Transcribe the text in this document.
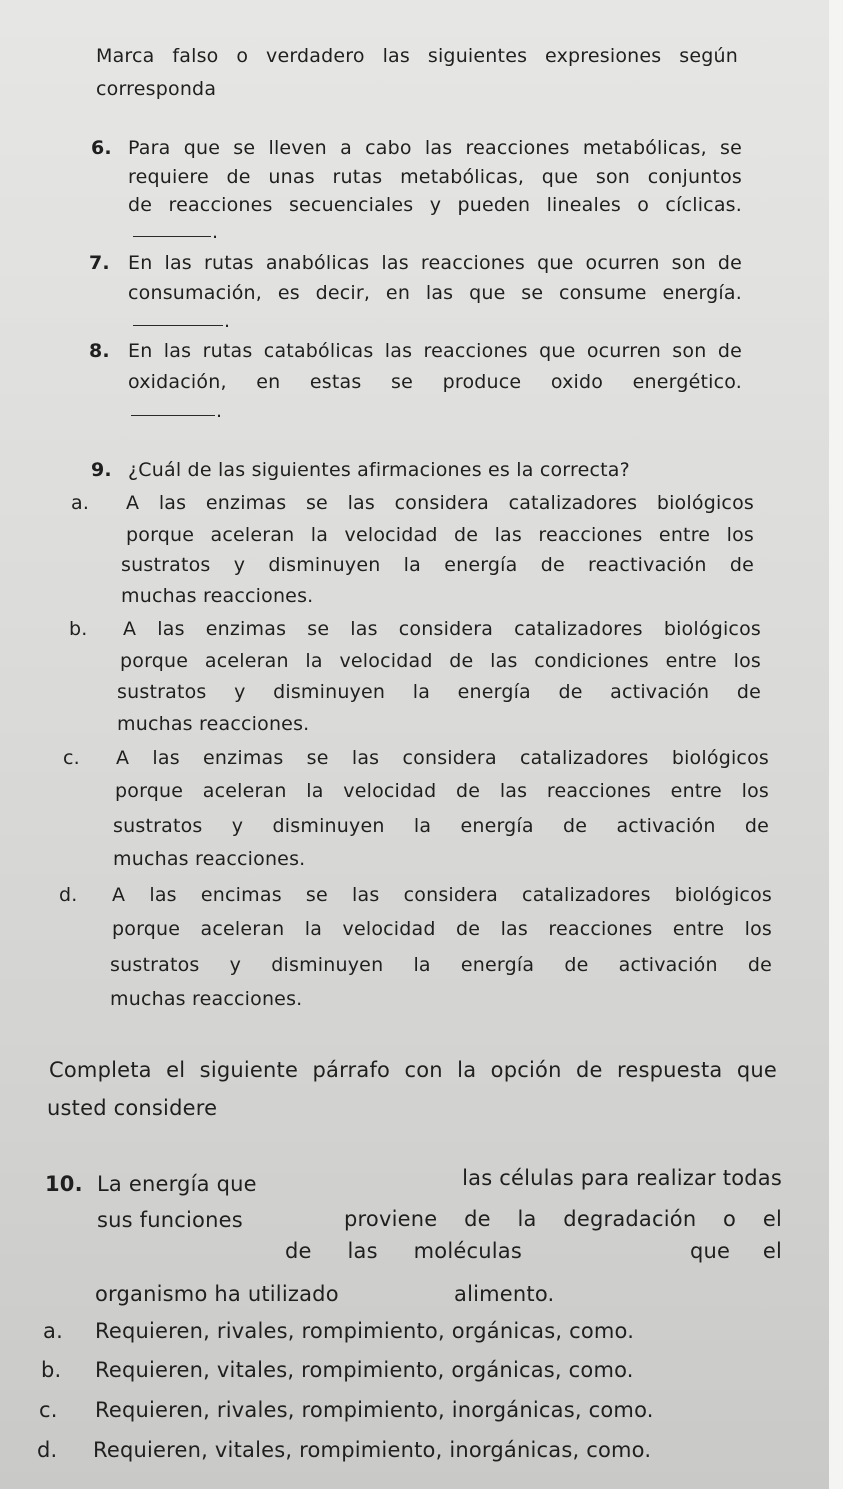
Marca falso o verdadero las siguientes expresiones según
corresponda
6. Para que se lleven a cabo las reacciones metabólicas, se
requiere de unas rutas metabólicas, que son conjuntos
de reacciones secuenciales y pueden lineales o cíclicas.
.
7. En las rutas anabólicas las reacciones que ocurren son de
consumación, es decir, en las que se consume energía.
.
8. En las rutas catabólicas las reacciones que ocurren son de
oxidación, en estas se produce oxido energético.
.
9. ¿Cuál de las siguientes afirmaciones es la correcta?
a. A las enzimas se las considera catalizadores biológicos
porque aceleran la velocidad de las reacciones entre los
sustratos y disminuyen la energía de reactivación de
muchas reacciones.
b. A las enzimas se las considera catalizadores biológicos
porque aceleran la velocidad de las condiciones entre los
sustratos y disminuyen la energía de activación de
muchas reacciones.
c. A las enzimas se las considera catalizadores biológicos
porque aceleran la velocidad de las reacciones entre los
sustratos y disminuyen la energía de activación de
muchas reacciones.
d. A las encimas se las considera catalizadores biológicos
porque aceleran la velocidad de las reacciones entre los
sustratos y disminuyen la energía de activación de
muchas reacciones.
Completa el siguiente párrafo con la opción de respuesta que
usted considere
10. La energía que	las células para realizar todas
sus funciones	proviene de la degradación o el
de las moléculas	que el
organismo ha utilizado	alimento.
a. Requieren, rivales, rompimiento, orgánicas, como.
b. Requieren, vitales, rompimiento, orgánicas, como.
c. Requieren, rivales, rompimiento, inorgánicas, como.
d. Requieren, vitales, rompimiento, inorgánicas, como.
